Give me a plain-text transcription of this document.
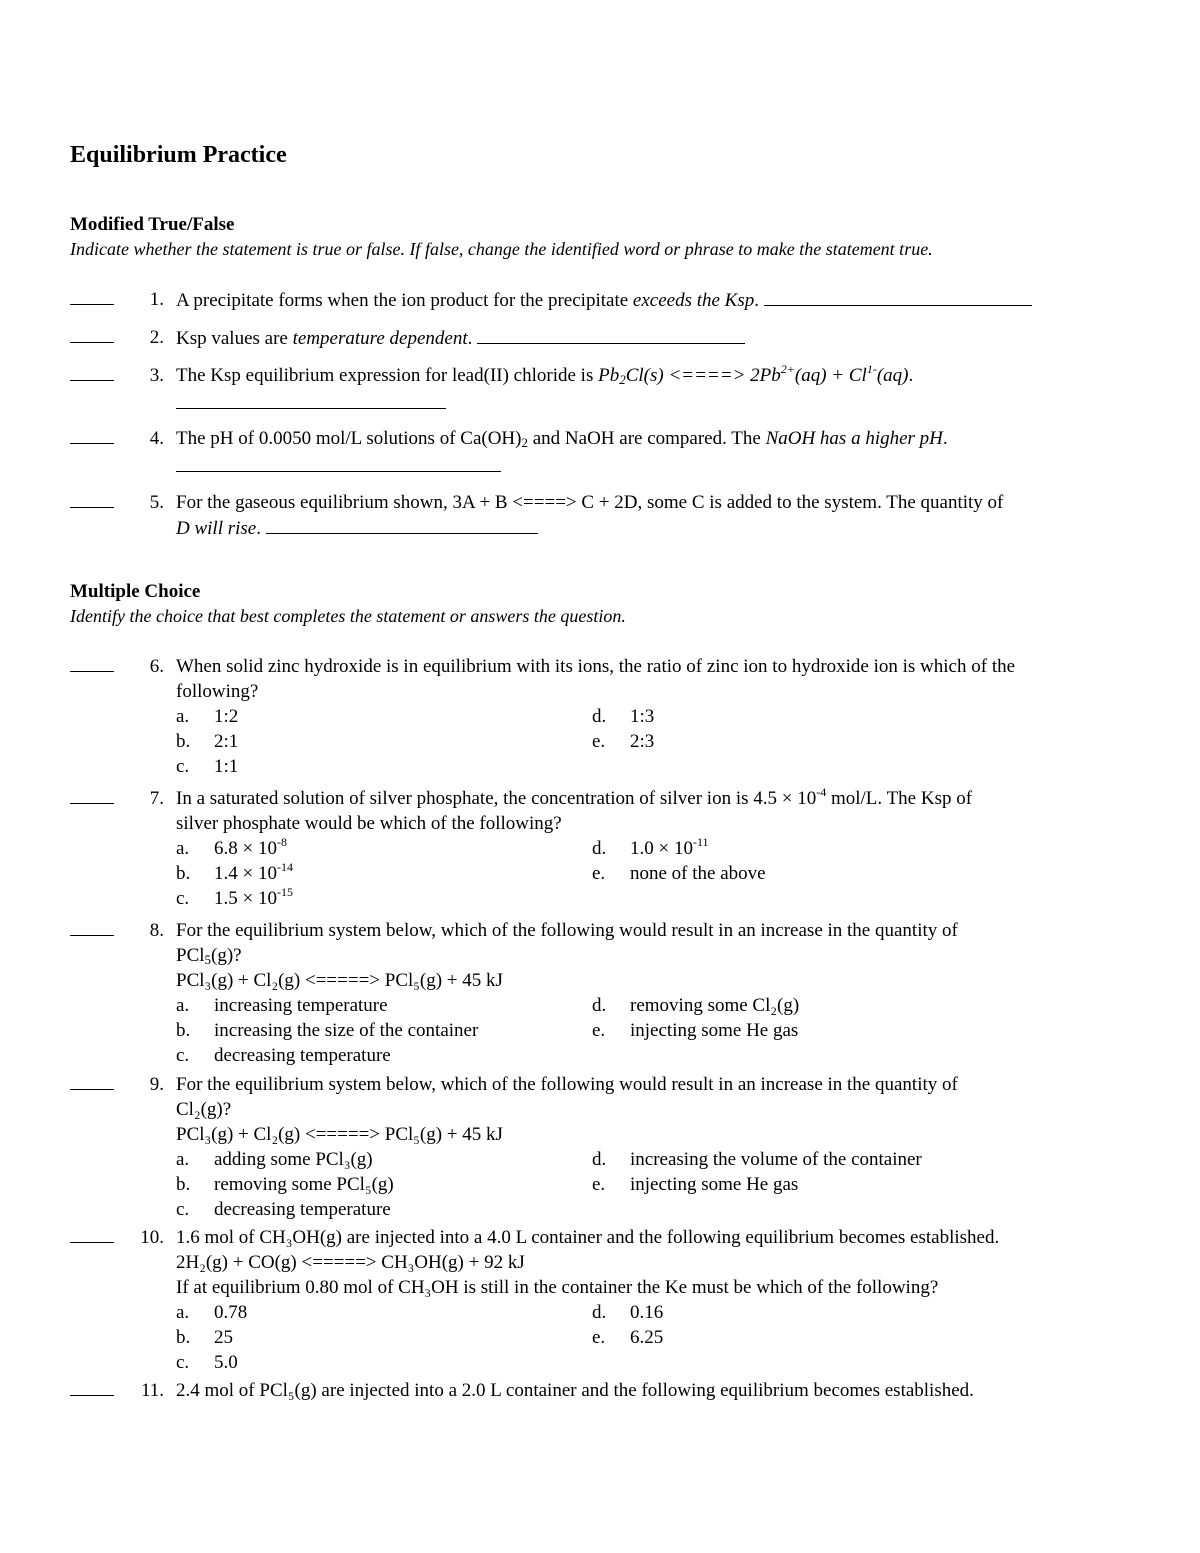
Equilibrium Practice
Modified True/False
Indicate whether the statement is true or false. If false, change the identified word or phrase to make the statement true.
1. A precipitate forms when the ion product for the precipitate exceeds the Ksp.
2. Ksp values are temperature dependent.
3. The Ksp equilibrium expression for lead(II) chloride is $Pb_2Cl(s)$ <====> $2Pb^{2+}(aq) + Cl^{1-}(aq)$.
4. The pH of 0.0050 mol/L solutions of $Ca(OH)_2$ and NaOH are compared. The NaOH has a higher pH.
5. For the gaseous equilibrium shown, 3A + B <====> C + 2D, some C is added to the system. The quantity of
D will rise.
Multiple Choice
Identify the choice that best completes the statement or answers the question.
6. When solid zinc hydroxide is in equilibrium with its ions, the ratio of zinc ion to hydroxide ion is which of the
following?
a. 1:2
b. 2:1
c. 1:1
d. 1:3
e. 2:3
7. In a saturated solution of silver phosphate, the concentration of silver ion is $4.5 \times 10^{-4}$ mol/L. The Ksp of
silver phosphate would be which of the following?
a. $6.8 \times 10^{-8}$
b. $1.4 \times 10^{-14}$
c. $1.5 \times 10^{-15}$
d. $1.0 \times 10^{-11}$
e. none of the above
8. For the equilibrium system below, which of the following would result in an increase in the quantity of
PCl$_5$(g)?
PCl₃(g) + Cl₂(g) <=====> PCl₅(g) + 45 kJ
a. increasing temperature
b. increasing the size of the container
c. decreasing temperature
d. removing some Cl₂(g)
e. injecting some He gas
9. For the equilibrium system below, which of the following would result in an increase in the quantity of
Cl₂(g)?
PCl₃(g) + Cl₂(g) <=====> PCl₅(g) + 45 kJ
a. adding some PCl₃(g)
b. removing some PCl₅(g)
c. decreasing temperature
d. increasing the volume of the container
e. injecting some He gas
10. 1.6 mol of CH₃OH(g) are injected into a 4.0 L container and the following equilibrium becomes established.
2H₂(g) + CO(g) <=====> CH₃OH(g) + 92 kJ
If at equilibrium 0.80 mol of CH₃OH is still in the container the Ke must be which of the following?
a. 0.78
b. 25
c. 5.0
d. 0.16
e. 6.25
11. 2.4 mol of PCl₅(g) are injected into a 2.0 L container and the following equilibrium becomes established.
